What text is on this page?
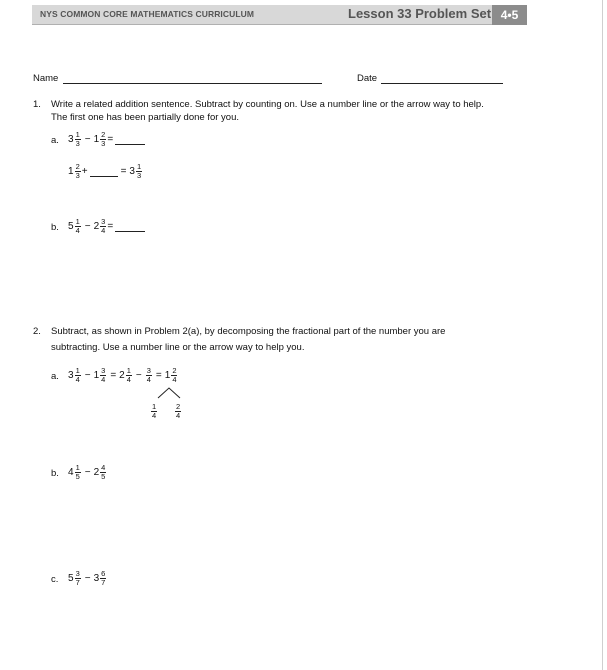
NYS COMMON CORE MATHEMATICS CURRICULUM	Lesson 33 Problem Set 4•5
Name	Date
1. Write a related addition sentence. Subtract by counting on. Use a number line or the arrow way to help.
The first one has been partially done for you.
a. $3 \frac{1}{3} - 1 \frac{2}{3}$ =
$1 \frac{2}{3}$ +	= $3 \frac{1}{3}$
b. $5 \frac{1}{4} - 2 \frac{3}{4}$ =
2. Subtract, as shown in Problem 2(a), by decomposing the fractional part of the number you are
subtracting. Use a number line or the arrow way to help you.
a. $3 \frac{1}{4} - 1 \frac{3}{4} = 2 \frac{1}{4} - \frac{3}{4} = 1 \frac{2}{4}$
$\frac{1}{4} \frac{2}{4}$
b. $4 \frac{1}{5} - 2 \frac{4}{5}$
c. $5 \frac{3}{7} - 3 \frac{6}{7}$
